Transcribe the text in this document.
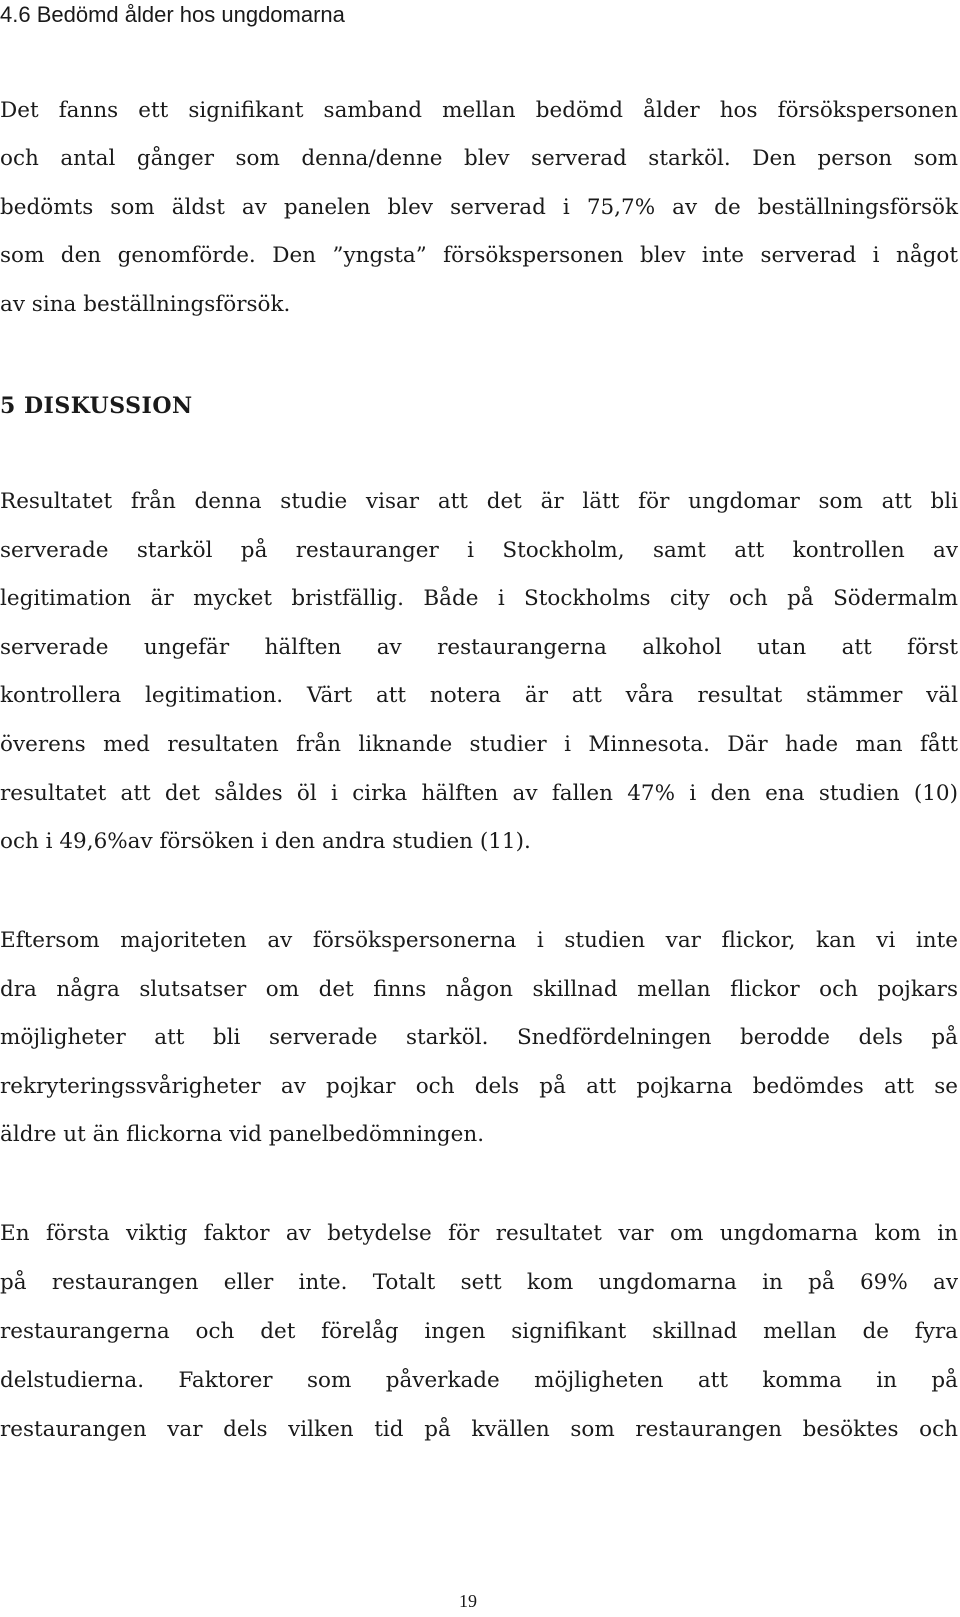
4.6 Bedömd ålder hos ungdomarna

Det fanns ett signifikant samband mellan bedömd ålder hos försökspersonen

och antal gånger som denna/denne blev serverad starköl. Den person som

bedömts som äldst av panelen blev serverad i 75,7% av de beställningsförsök

som den genomförde. Den ”yngsta” försökspersonen blev inte serverad i något

av sina beställningsförsök.

5 DISKUSSION

Resultatet från denna studie visar att det är lätt för ungdomar som att bli

serverade starköl på restauranger i Stockholm, samt att kontrollen av

legitimation är mycket bristfällig. Både i Stockholms city och på Södermalm

serverade ungefär hälften av restaurangerna alkohol utan att först

kontrollera legitimation. Värt att notera är att våra resultat stämmer väl

överens med resultaten från liknande studier i Minnesota. Där hade man fått

resultatet att det såldes öl i cirka hälften av fallen 47% i den ena studien (10)

och i 49,6%av försöken i den andra studien (11).

Eftersom majoriteten av försökspersonerna i studien var flickor, kan vi inte

dra några slutsatser om det finns någon skillnad mellan flickor och pojkars

möjligheter att bli serverade starköl. Snedfördelningen berodde dels på

rekryteringssvårigheter av pojkar och dels på att pojkarna bedömdes att se

äldre ut än flickorna vid panelbedömningen.

En första viktig faktor av betydelse för resultatet var om ungdomarna kom in

på restaurangen eller inte. Totalt sett kom ungdomarna in på 69% av

restaurangerna och det förelåg ingen signifikant skillnad mellan de fyra

delstudierna. Faktorer som påverkade möjligheten att komma in på

restaurangen var dels vilken tid på kvällen som restaurangen besöktes och

19
